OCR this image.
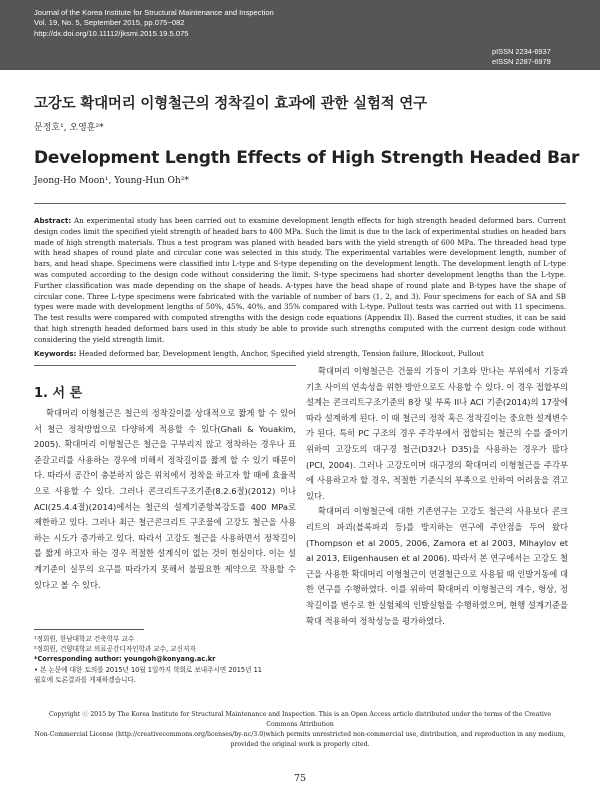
Journal of the Korea Institute for Structural Maintenance and Inspection
Vol. 19, No. 5, September 2015, pp.075~082
http://dx.doi.org/10.11112/jksmi.2015.19.5.075
pISSN 2234-6937
eISSN 2287-6979
고강도 확대머리 이형철근의 정착길이 효과에 관한 실험적 연구
문정호¹, 오영훈²*
Development Length Effects of High Strength Headed Bar
Jeong-Ho Moon¹, Young-Hun Oh²*
Abstract: An experimental study has been carried out to examine development length effects for high strength headed deformed bars. Current design codes limit the specified yield strength of headed bars to 400 MPa. Such the limit is due to the lack of experimental studies on headed bars made of high strength materials. Thus a test program was planed with headed bars with the yield strength of 600 MPa. The threaded head type with head shapes of round plate and circular cone was selected in this study. The experimental variables were development length, number of bars, and head shape. Specimens were classified into L-type and S-type depending on the development length. The development length of L-type was computed according to the design code without considering the limit. S-type specimens had shorter development lengths than the L-type. Further classification was made depending on the shape of heads. A-types have the head shape of round plate and B-types have the shape of circular cone. Three L-type specimens were fabricated with the variable of number of bars (1, 2, and 3). Four specimens for each of SA and SB types were made with development lengths of 50%, 45%, 40%, and 35% compared with L-type. Pullout tests was carried out with 11 specimens. The test results were compared with computed strengths with the design code equations (Appendix II). Based the current studies, it can be said that high strength headed deformed bars used in this study be able to provide such strengths computed with the current design code without considering the yield strength limit.
Keywords: Headed deformed bar, Development length, Anchor, Specified yield strength, Tension failure, Blockout, Pullout
1. 서 론

확대머리 이형철근은 철근의 정착길이를 상대적으로 짧게 할 수 있어서 철근 정착방법으로 다양하게 적용할 수 있다(Ghali & Youakim, 2005). 확대머리 이형철근은 철근을 구부리지 않고 정착하는 경우나 표준갈고리를 사용하는 경우에 비해서 정착길이를 짧게 할 수 있기 때문이다. 따라서 공간이 충분하지 않은 위치에서 정착을 하고자 할 때에 효율적으로 사용할 수 있다. 그러나 콘크리트구조기준(8.2.6절)(2012) 이나 ACI(25.4.4절)(2014)에서는 철근의 설계기준항복강도를 400 MPa로 제한하고 있다. 그러나 최근 철근콘크리트 구조물에 고강도 철근을 사용하는 시도가 증가하고 있다. 따라서 고강도 철근을 사용하면서 정착길이를 짧게 하고자 하는 경우 적절한 설계식이 없는 것이 현실이다. 이는 설계기준이 실무의 요구를 따라가지 못해서 불필요한 제약으로 작용할 수 있다고 볼 수 있다.

확대머리 이형철근은 건물의 기둥이 기초와 만나는 부위에서 기둥과 기초 사이의 연속성을 위한 방안으로도 사용할 수 있다. 이 경우 접합부의 설계는 콘크리트구조기준의 8장 및 부록 II나 ACI 기준(2014)의 17장에 따라 설계하게 된다. 이 때 철근의 정착 혹은 정착길이는 중요한 설계변수가 된다. 특히 PC 구조의 경우 주각부에서 접합되는 철근의 수를 줄이기 위하여 고강도의 대구경 철근(D32나 D35)을 사용하는 경우가 많다(PCI, 2004). 그러나 고강도이며 대구경의 확대머리 이형철근을 주각부에 사용하고자 할 경우, 적절한 기준식의 부족으로 인하여 어려움을 겪고 있다.

확대머리 이형철근에 대한 기존연구는 고강도 철근의 사용보다 콘크리트의 파괴(블록파괴 등)를 방지하는 연구에 주안점을 두어 왔다(Thompson et al 2005, 2006, Zamora et al 2003, Mihaylov et al 2013, Eligenhausen et al 2006). 따라서 본 연구에서는 고강도 철근을 사용한 확대머리 이형철근이 연결철근으로 사용될 때 인발거동에 대한 연구를 수행하였다. 이를 위하여 확대머리 이형철근의 개수, 형상, 정착길이를 변수로 한 실험체의 인발실험을 수행하였으며, 현행 설계기준을 확대 적용하여 정착성능을 평가하였다.

¹정회원, 한남대학교 건축학부 교수
²정회원, 건양대학교 의료공간디자인학과 교수, 교신저자
*Corresponding author: youngoh@konyang.ac.kr
• 본 논문에 대한 토의를 2015년 10월 1일까지 학회로 보내주시면 2015년 11
월호에 토론결과를 게재하겠습니다.
Copyright ⓒ 2015 by The Korea Institute for Structural Maintenance and Inspection. This is an Open Access article distributed under the terms of the Creative Commons Attribution
Non-Commercial License (http://creativecommons.org/licenses/by-nc/3.0)which permits unrestricted non-commercial use, distribution, and reproduction in any medium,
provided the original work is properly cited.
75
